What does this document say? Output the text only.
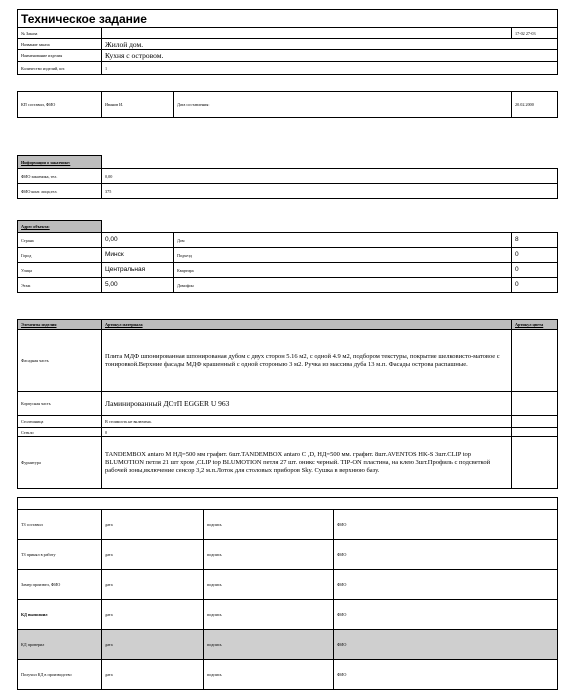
Техническое задание		
№ Заказа		17-02 27-03
Название заказа	Жилой дом.	
Наименование изделия	Кухня с островом.	
Количество изделий, шт.	1	
КП составил, ФИО	Иванов И.	Дата составления:	20.02.2000
Информация о заказчике:	
ФИО заказчика, тел.	0,00
ФИО конт. лица,тел.	375
Адрес объекта:			
Страна	0,00	Дом	8
Город	Минск	Подъезд	0
Улица	Центральная	Квартира	0
Этаж	5,00	Домофон	0
Элементы изделия	Артикул материала	Артикул цвета
Фасадная часть	Плита МДФ шпонированная шпонированая дубом с двух сторон 5.16 м2, с одной 4.9 м2, подбором текстуры, покрытие шелковисто-матовое с тонировкой.Верхние фасады МДФ крашенный с одной стороныю 3 м2. Ручка из массива дуба 13 м.п. Фасады острова распашные.	
Корпусная часть	Ламинированный ДСтП EGGER U 963	
Столешница	В стоимость не включена.	
Стекло	0	
Фурнитура	TANDEMBOX antaro M НД=500 мм графит. 6шт.TANDEMBOX antaro C ,D, НД=500 мм. графит. 8шт.AVENTOS HK-S 3шт.CLIP top BLUMOTION петля 21 шт хром ,CLIP top BLUMOTION петля 27 шт. оникс черный. TIP-ON пластина, на клею 3шт.Профиль с подсветкой рабочей зоны,включение сенсор 3,2 м.п.Лоток для столовых приборов Sky. Сушка в верхнюю базу.	

ТЗ составил	дата	подпись	ФИО
ТЗ принял в работу	дата	подпись	ФИО
Замер произвел, ФИО	дата	подпись	ФИО
КД выполнил	дата	подпись	ФИО
КД проверил	дата	подпись	ФИО
Получил КД в производство	дата	подпись	ФИО
